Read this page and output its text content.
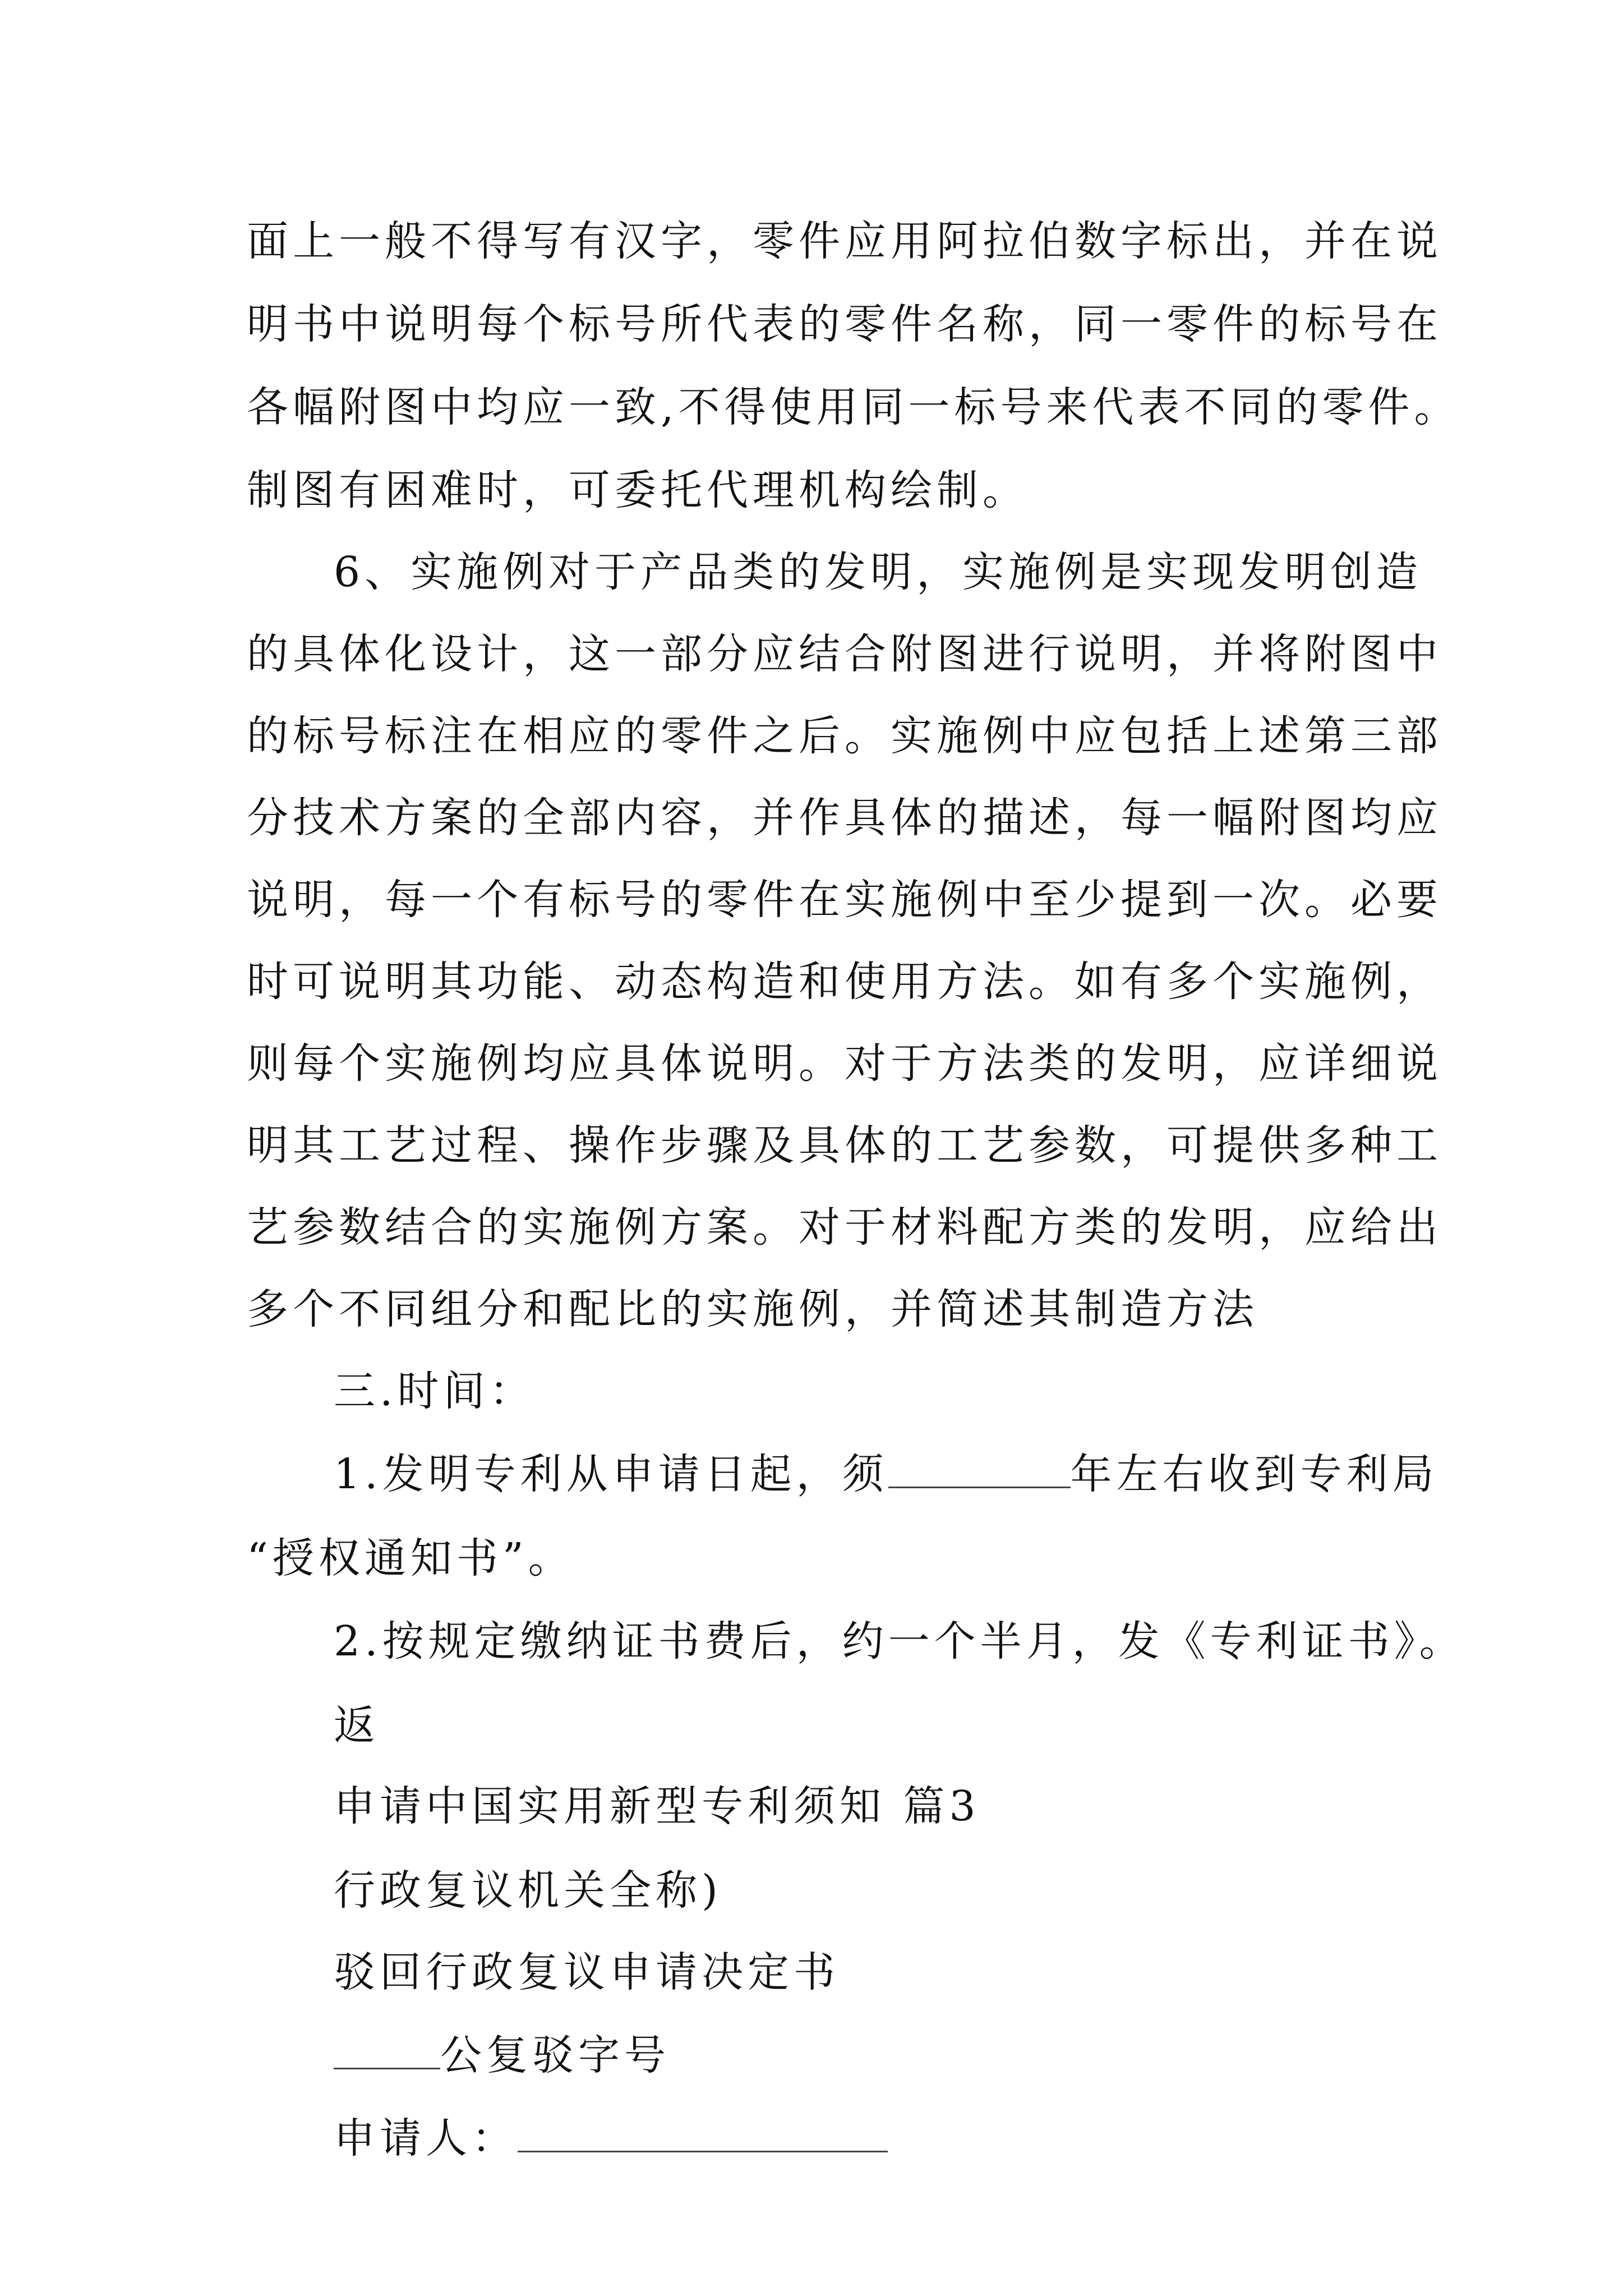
面上一般不得写有汉字，零件应用阿拉伯数字标出，并在说
明书中说明每个标号所代表的零件名称，同一零件的标号在
各幅附图中均应一致,不得使用同一标号来代表不同的零件。
制图有困难时，可委托代理机构绘制。
6、实施例对于产品类的发明，实施例是实现发明创造
的具体化设计，这一部分应结合附图进行说明，并将附图中
的标号标注在相应的零件之后。实施例中应包括上述第三部
分技术方案的全部内容，并作具体的描述，每一幅附图均应
说明，每一个有标号的零件在实施例中至少提到一次。必要
时可说明其功能、动态构造和使用方法。如有多个实施例，
则每个实施例均应具体说明。对于方法类的发明，应详细说
明其工艺过程、操作步骤及具体的工艺参数，可提供多种工
艺参数结合的实施例方案。对于材料配方类的发明，应给出
多个不同组分和配比的实施例，并简述其制造方法
三.时间：
1.发明专利从申请日起，须	年左右收到专利局
“授权通知书”。
2.按规定缴纳证书费后，约一个半月，发《专利证书》。
返
申请中国实用新型专利须知 篇3
行政复议机关全称)
驳回行政复议申请决定书
公复驳字号
申请人：
